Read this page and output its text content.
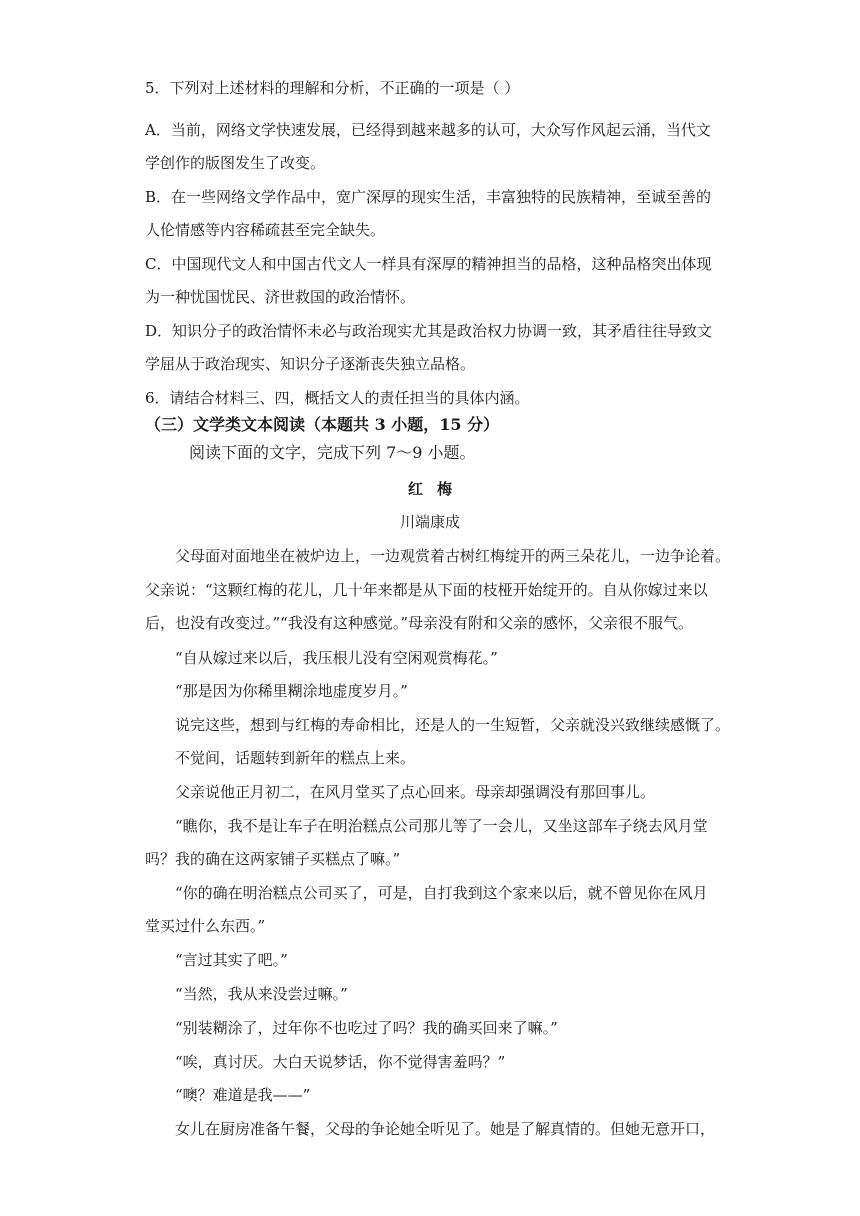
5．下列对上述材料的理解和分析，不正确的一项是（ ）
A．当前，网络文学快速发展，已经得到越来越多的认可，大众写作风起云涌，当代文
学创作的版图发生了改变。
B．在一些网络文学作品中，宽广深厚的现实生活，丰富独特的民族精神，至诚至善的
人伦情感等内容稀疏甚至完全缺失。
C．中国现代文人和中国古代文人一样具有深厚的精神担当的品格，这种品格突出体现
为一种忧国忧民、济世救国的政治情怀。
D．知识分子的政治情怀未必与政治现实尤其是政治权力协调一致，其矛盾往往导致文
学屈从于政治现实、知识分子逐渐丧失独立品格。
6．请结合材料三、四，概括文人的责任担当的具体内涵。
（三）文学类文本阅读（本题共 3 小题，15 分）
阅读下面的文字，完成下列 7～9 小题。
红梅
川端康成
父母面对面地坐在被炉边上，一边观赏着古树红梅绽开的两三朵花儿，一边争论着。
父亲说：“这颗红梅的花儿，几十年来都是从下面的枝桠开始绽开的。自从你嫁过来以
后，也没有改变过。”“我没有这种感觉。”母亲没有附和父亲的感怀，父亲很不服气。
“自从嫁过来以后，我压根儿没有空闲观赏梅花。”
“那是因为你稀里糊涂地虚度岁月。”
说完这些，想到与红梅的寿命相比，还是人的一生短暂，父亲就没兴致继续感慨了。
不觉间，话题转到新年的糕点上来。
父亲说他正月初二，在风月堂买了点心回来。母亲却强调没有那回事儿。
“瞧你，我不是让车子在明治糕点公司那儿等了一会儿，又坐这部车子绕去风月堂
吗？我的确在这两家铺子买糕点了嘛。”
“你的确在明治糕点公司买了，可是，自打我到这个家来以后，就不曾见你在风月
堂买过什么东西。”
“言过其实了吧。”
“当然，我从来没尝过嘛。”
“别装糊涂了，过年你不也吃过了吗？我的确买回来了嘛。”
“唉，真讨厌。大白天说梦话，你不觉得害羞吗？”
“噢？难道是我——”
女儿在厨房准备午餐，父母的争论她全听见了。她是了解真情的。但她无意开口，
